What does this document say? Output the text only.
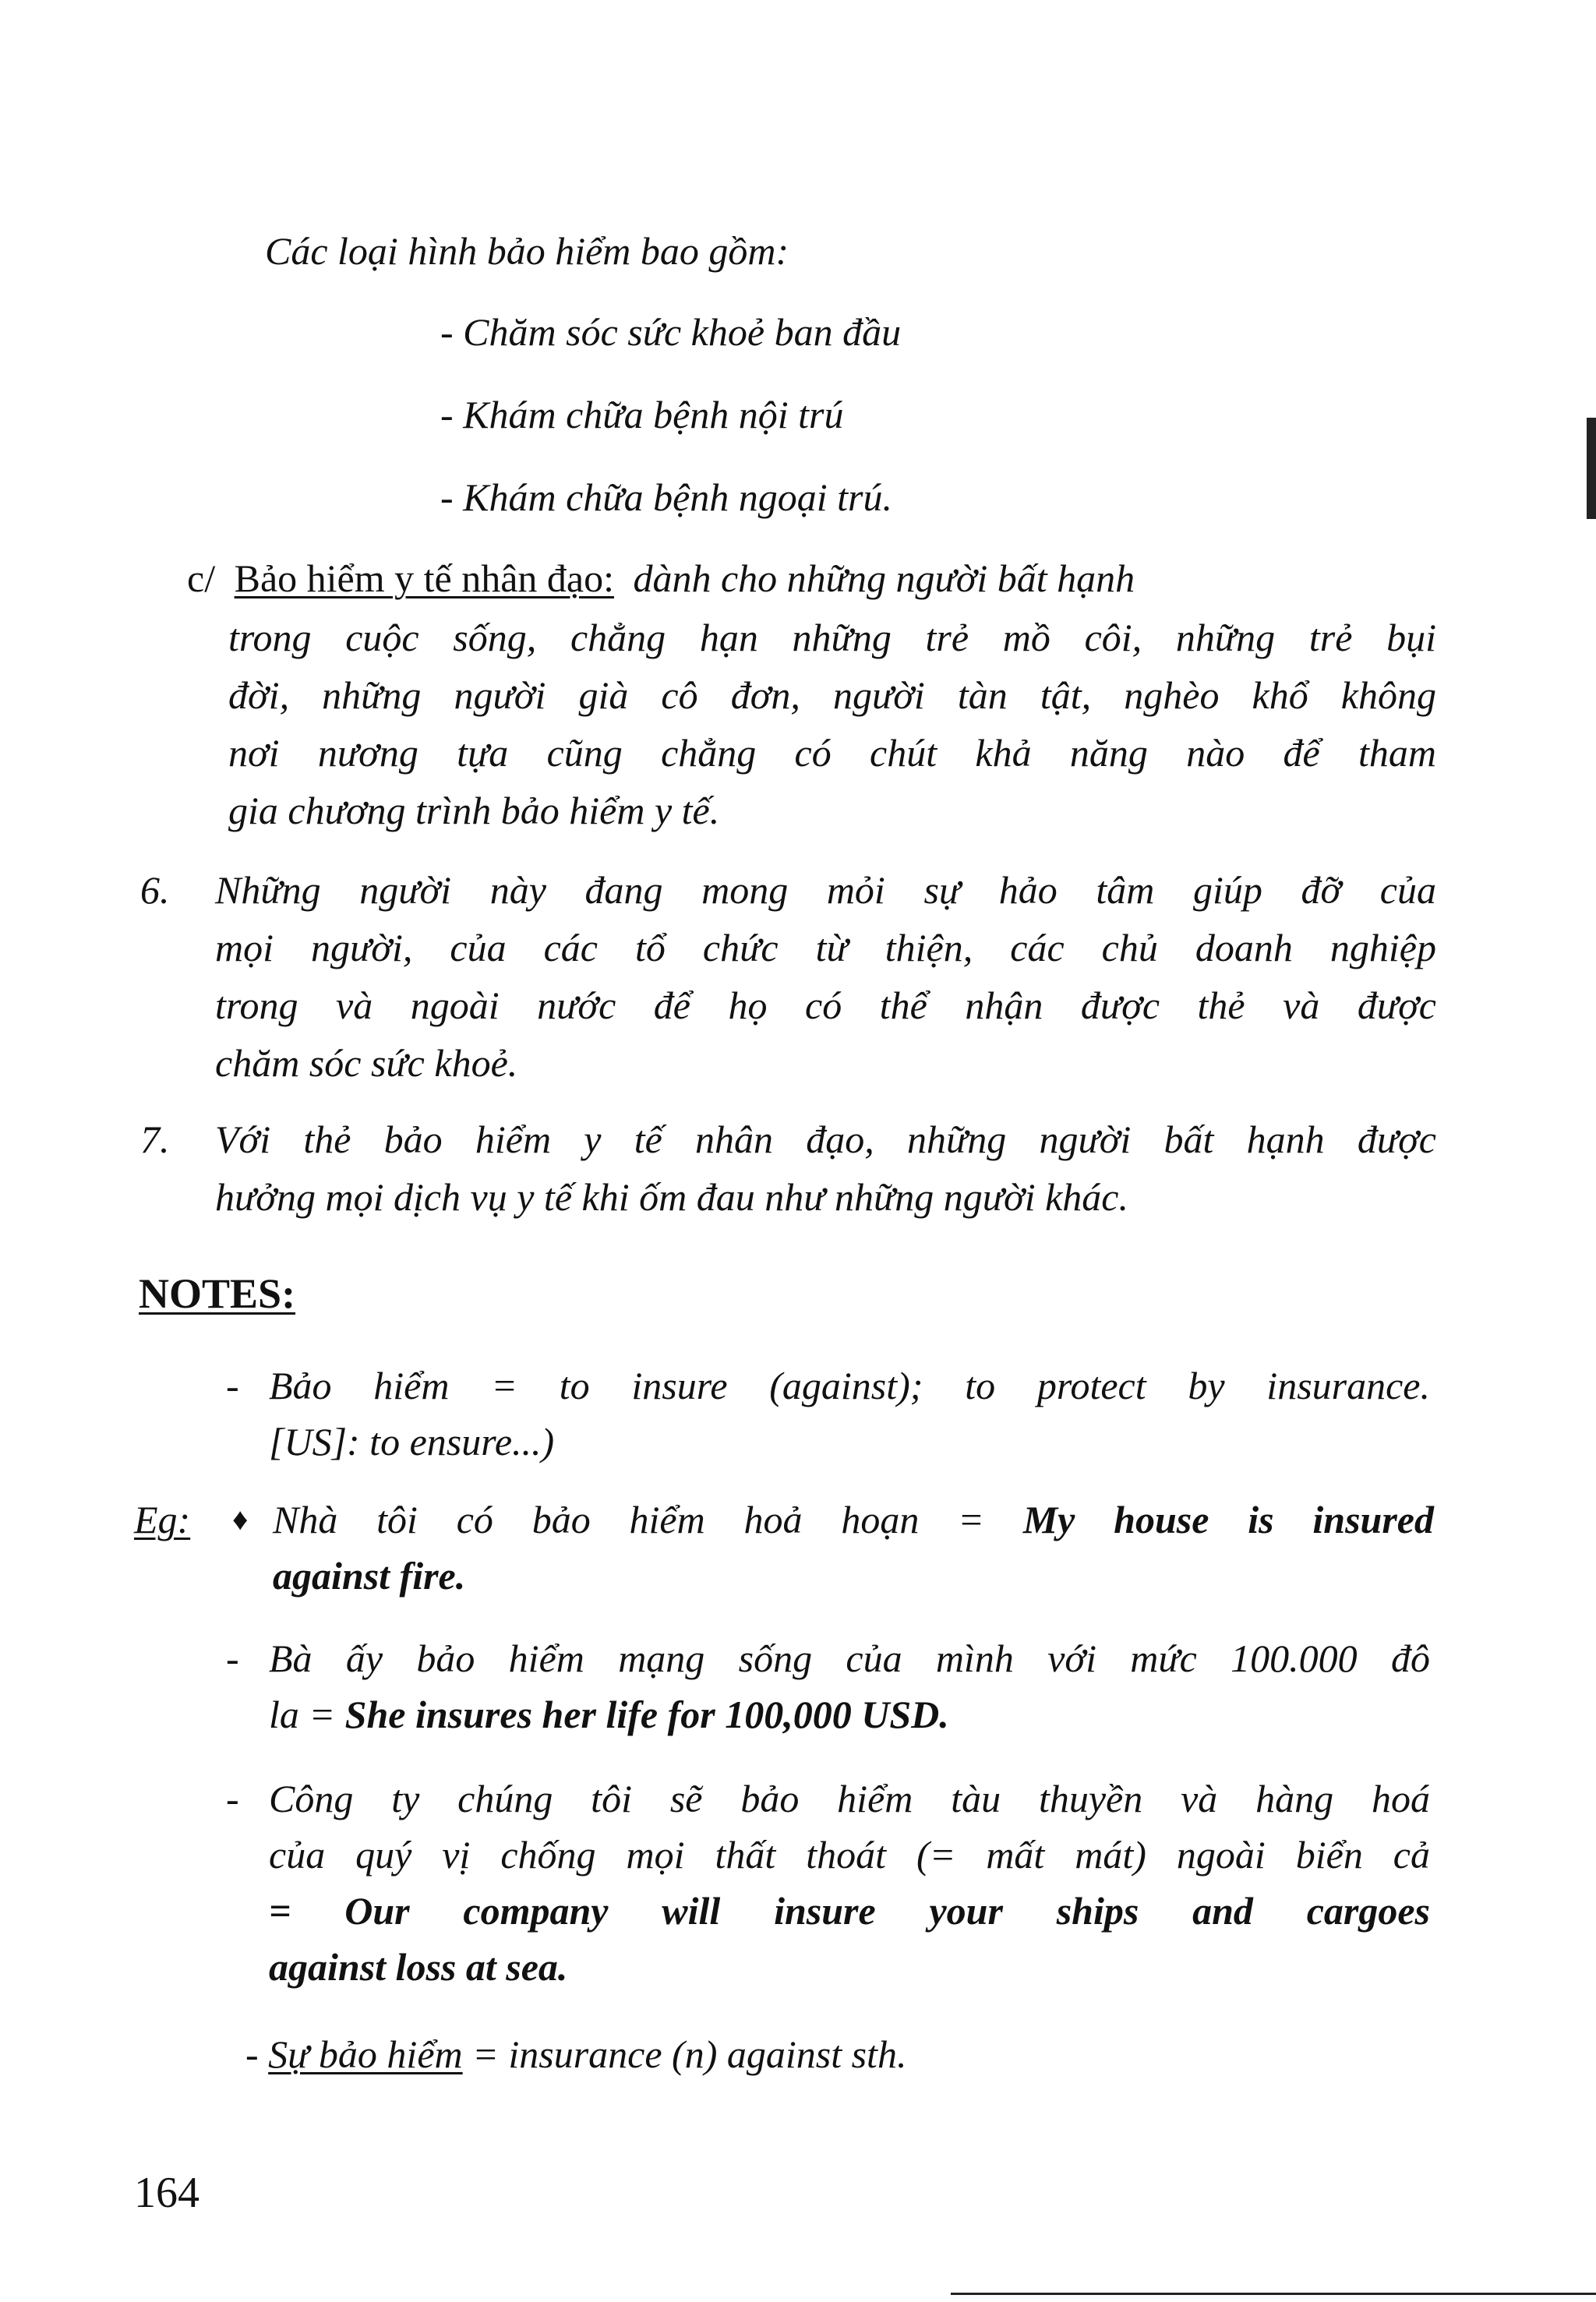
Các loại hình bảo hiểm bao gồm:
- Chăm sóc sức khoẻ ban đầu
- Khám chữa bệnh nội trú
- Khám chữa bệnh ngoại trú.
c/ Bảo hiểm y tế nhân đạo: dành cho những người bất hạnh
trong cuộc sống, chẳng hạn những trẻ mồ côi, những trẻ bụi
đời, những người già cô đơn, người tàn tật, nghèo khổ không
nơi nương tựa cũng chẳng có chút khả năng nào để tham
gia chương trình bảo hiểm y tế.
6. Những người này đang mong mỏi sự hảo tâm giúp đỡ của
mọi người, của các tổ chức từ thiện, các chủ doanh nghiệp
trong và ngoài nước để họ có thể nhận được thẻ và được
chăm sóc sức khoẻ.
7. Với thẻ bảo hiểm y tế nhân đạo, những người bất hạnh được
hưởng mọi dịch vụ y tế khi ốm đau như những người khác.
NOTES:
- Bảo hiểm = to insure (against); to protect by insurance.
[US]: to ensure...)
Eg: ♦ Nhà tôi có bảo hiểm hoả hoạn = My house is insured
against fire.
- Bà ấy bảo hiểm mạng sống của mình với mức 100.000 đô
la = She insures her life for 100,000 USD.
- Công ty chúng tôi sẽ bảo hiểm tàu thuyền và hàng hoá
của quý vị chống mọi thất thoát (= mất mát) ngoài biển cả
= Our company will insure your ships and cargoes
against loss at sea.
- Sự bảo hiểm = insurance (n) against sth.
164
